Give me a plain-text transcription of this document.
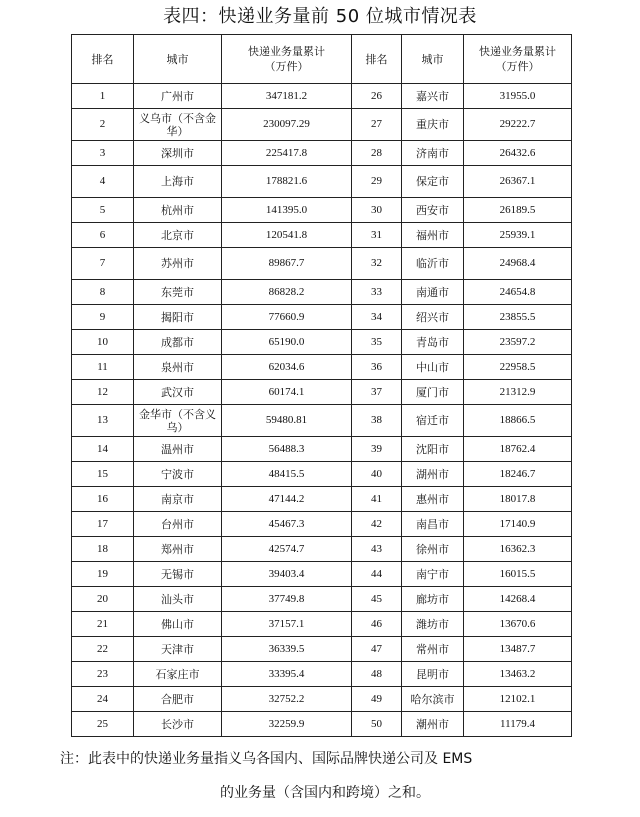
表四：快递业务量前 50 位城市情况表
排名	城市	快递业务量累计（万件）	排名	城市	快递业务量累计（万件）
1	广州市	347181.2	26	嘉兴市	31955.0
2	义乌市（不含金华）	230097.29	27	重庆市	29222.7
3	深圳市	225417.8	28	济南市	26432.6
4	上海市	178821.6	29	保定市	26367.1
5	杭州市	141395.0	30	西安市	26189.5
6	北京市	120541.8	31	福州市	25939.1
7	苏州市	89867.7	32	临沂市	24968.4
8	东莞市	86828.2	33	南通市	24654.8
9	揭阳市	77660.9	34	绍兴市	23855.5
10	成都市	65190.0	35	青岛市	23597.2
11	泉州市	62034.6	36	中山市	22958.5
12	武汉市	60174.1	37	厦门市	21312.9
13	金华市（不含义乌）	59480.81	38	宿迁市	18866.5
14	温州市	56488.3	39	沈阳市	18762.4
15	宁波市	48415.5	40	湖州市	18246.7
16	南京市	47144.2	41	惠州市	18017.8
17	台州市	45467.3	42	南昌市	17140.9
18	郑州市	42574.7	43	徐州市	16362.3
19	无锡市	39403.4	44	南宁市	16015.5
20	汕头市	37749.8	45	廊坊市	14268.4
21	佛山市	37157.1	46	潍坊市	13670.6
22	天津市	36339.5	47	常州市	13487.7
23	石家庄市	33395.4	48	昆明市	13463.2
24	合肥市	32752.2	49	哈尔滨市	12102.1
25	长沙市	32259.9	50	潮州市	11179.4
注：此表中的快递业务量指义乌各国内、国际品牌快递公司及 EMS
的业务量（含国内和跨境）之和。
